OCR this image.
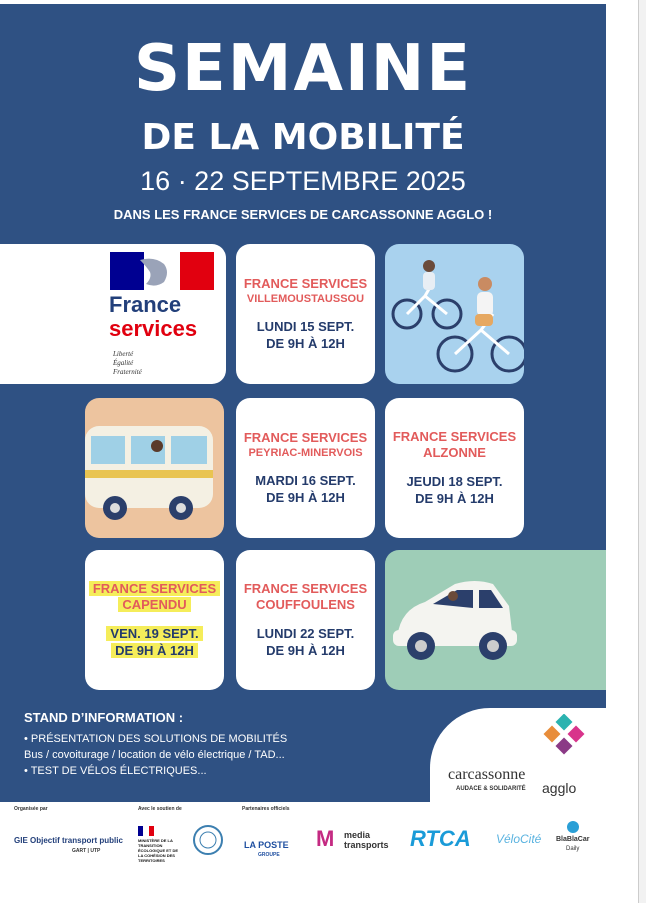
SEMAINE
DE LA MOBILITÉ
16 · 22 SEPTEMBRE 2025
DANS LES FRANCE SERVICES DE CARCASSONNE AGGLO !
France
services
Liberté
Égalité
Fraternité
FRANCE SERVICES
VILLEMOUSTAUSSOU
LUNDI 15 SEPT.
DE 9H À 12H
FRANCE SERVICES
PEYRIAC-MINERVOIS
MARDI 16 SEPT.
DE 9H À 12H
FRANCE SERVICES
ALZONNE
JEUDI 18 SEPT.
DE 9H À 12H
FRANCE SERVICES
CAPENDU
VEN. 19 SEPT.
DE 9H À 12H
FRANCE SERVICES
COUFFOULENS
LUNDI 22 SEPT.
DE 9H À 12H
STAND D’INFORMATION :
• PRÉSENTATION DES SOLUTIONS DE MOBILITÉS
Bus / covoiturage / location de vélo électrique / TAD...
• TEST DE VÉLOS ÉLECTRIQUES...	carcassonne
AUDACE & SOLIDARITÉ agglo
Organisée par	Avec le soutien de	Partenaires officiels
GIE Objectif transport public
GART | UTP
MINISTÈRE DE LA TRANSITION ÉCOLOGIQUE ET DE LA COHÉSION DES TERRITOIRES
LA POSTE
GROUPE
M media
transports RTCA VéloCité BlaBlaCar
Daily
